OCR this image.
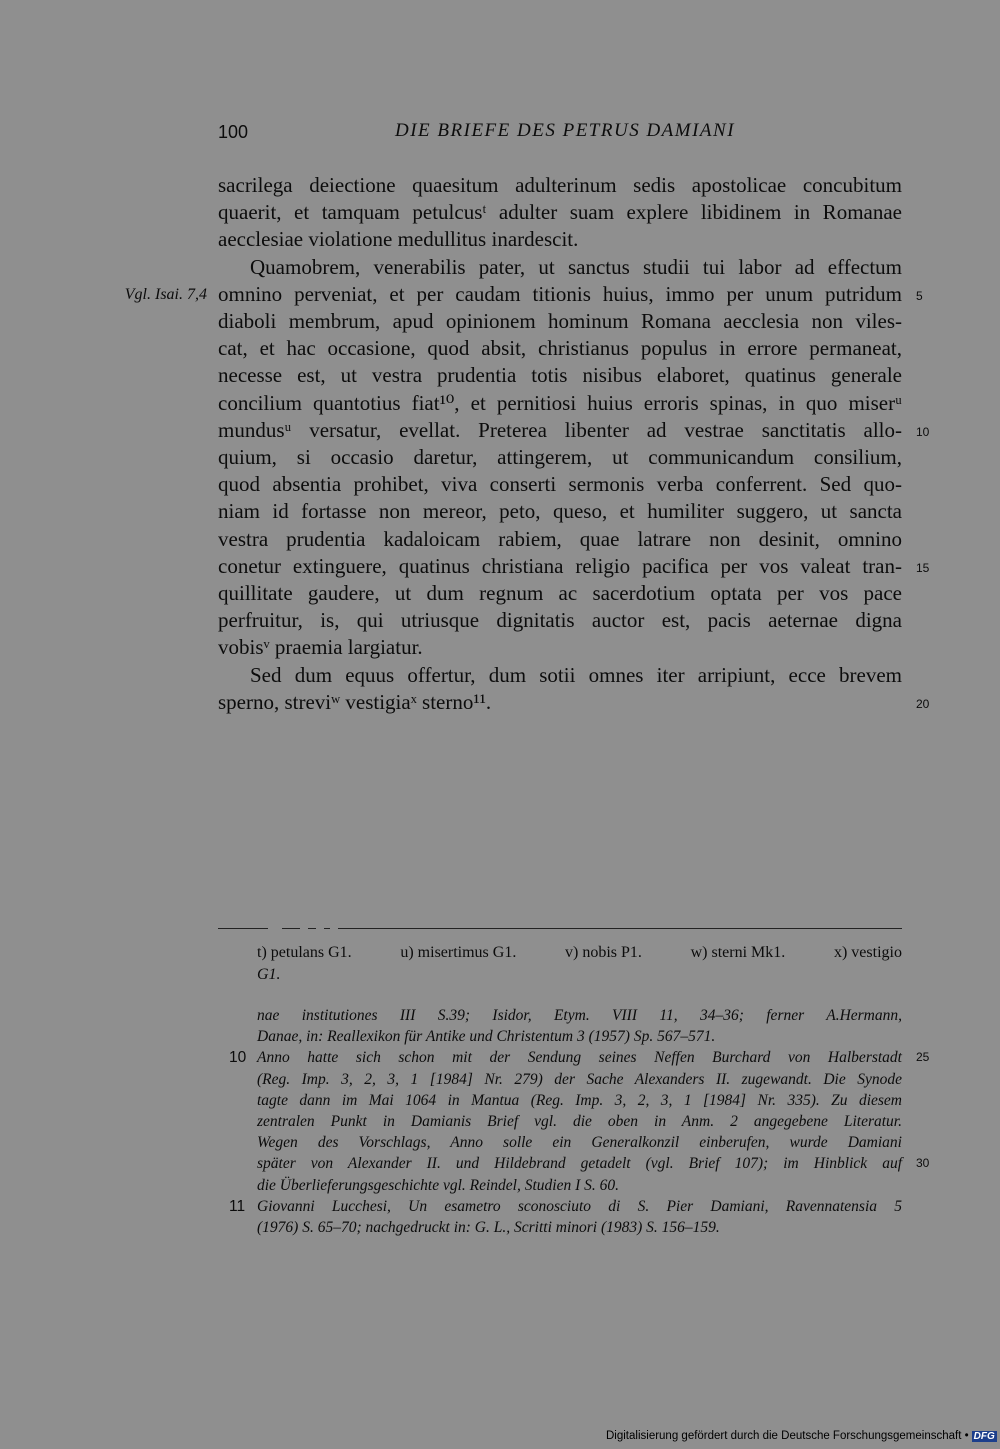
100	DIE BRIEFE DES PETRUS DAMIANI
sacrilega deiectione quaesitum adulterinum sedis apostolicae concubitum
quaerit, et tamquam petulcusᵗ adulter suam explere libidinem in Romanae
aecclesiae violatione medullitus inardescit.
Quamobrem, venerabilis pater, ut sanctus studii tui labor ad effectum
omnino perveniat, et per caudam titionis huius, immo per unum putridum
Vgl. Isai. 7,4	5
diaboli membrum, apud opinionem hominum Romana aecclesia non viles-
cat, et hac occasione, quod absit, christianus populus in errore permaneat,
necesse est, ut vestra prudentia totis nisibus elaboret, quatinus generale
concilium quantotius fiat¹⁰, et pernitiosi huius erroris spinas, in quo miserᵘ
mundusᵘ versatur, evellat. Preterea libenter ad vestrae sanctitatis allo- 10
quium, si occasio daretur, attingerem, ut communicandum consilium,
quod absentia prohibet, viva conserti sermonis verba conferrent. Sed quo-
niam id fortasse non mereor, peto, queso, et humiliter suggero, ut sancta
vestra prudentia kadaloicam rabiem, quae latrare non desinit, omnino
conetur extinguere, quatinus christiana religio pacifica per vos valeat tran- 15
quillitate gaudere, ut dum regnum ac sacerdotium optata per vos pace
perfruitur, is, qui utriusque dignitatis auctor est, pacis aeternae digna
vobisᵛ praemia largiatur.
Sed dum equus offertur, dum sotii omnes iter arripiunt, ecce brevem
sperno, streviʷ vestigiaˣ sterno¹¹.	20
t) petulans G1.	u) misertimus G1.	v) nobis P1.	w) sterni Mk1.	x) vestigio
G1.
nae institutiones III S.39; Isidor, Etym. VIII 11, 34–36; ferner A.Hermann,
Danae, in: Reallexikon für Antike und Christentum 3 (1957) Sp. 567–571.
Anno hatte sich schon mit der Sendung seines Neffen Burchard von Halberstadt
10	25
(Reg. Imp. 3, 2, 3, 1 [1984] Nr. 279) der Sache Alexanders II. zugewandt. Die Synode
tagte dann im Mai 1064 in Mantua (Reg. Imp. 3, 2, 3, 1 [1984] Nr. 335). Zu diesem
zentralen Punkt in Damianis Brief vgl. die oben in Anm. 2 angegebene Literatur.
Wegen des Vorschlags, Anno solle ein Generalkonzil einberufen, wurde Damiani
später von Alexander II. und Hildebrand getadelt (vgl. Brief 107); im Hinblick auf 30
die Überlieferungsgeschichte vgl. Reindel, Studien I S. 60.
Giovanni Lucchesi, Un esametro sconosciuto di S. Pier Damiani, Ravennatensia 5
11
(1976) S. 65–70; nachgedruckt in: G. L., Scritti minori (1983) S. 156–159.
Digitalisierung gefördert durch die Deutsche Forschungsgemeinschaft • DFG
